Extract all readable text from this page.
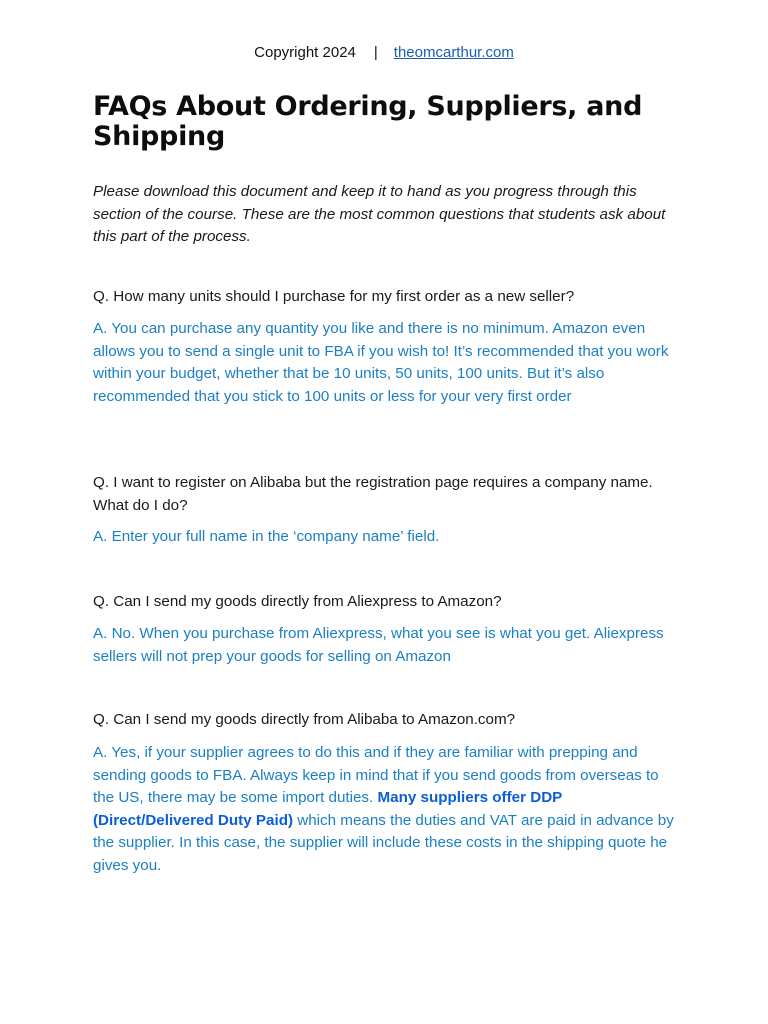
Copyright 2024 | theomcarthur.com
FAQs About Ordering, Suppliers, and Shipping
Please download this document and keep it to hand as you progress through this section of the course. These are the most common questions that students ask about this part of the process.
Q. How many units should I purchase for my first order as a new seller?
A. You can purchase any quantity you like and there is no minimum. Amazon even allows you to send a single unit to FBA if you wish to! It’s recommended that you work within your budget, whether that be 10 units, 50 units, 100 units. But it’s also recommended that you stick to 100 units or less for your very first order
Q. I want to register on Alibaba but the registration page requires a company name. What do I do?
A. Enter your full name in the ‘company name’ field.
Q. Can I send my goods directly from Aliexpress to Amazon?
A. No. When you purchase from Aliexpress, what you see is what you get. Aliexpress sellers will not prep your goods for selling on Amazon
Q. Can I send my goods directly from Alibaba to Amazon.com?
A. Yes, if your supplier agrees to do this and if they are familiar with prepping and sending goods to FBA. Always keep in mind that if you send goods from overseas to the US, there may be some import duties. Many suppliers offer DDP (Direct/Delivered Duty Paid) which means the duties and VAT are paid in advance by the supplier. In this case, the supplier will include these costs in the shipping quote he gives you.
